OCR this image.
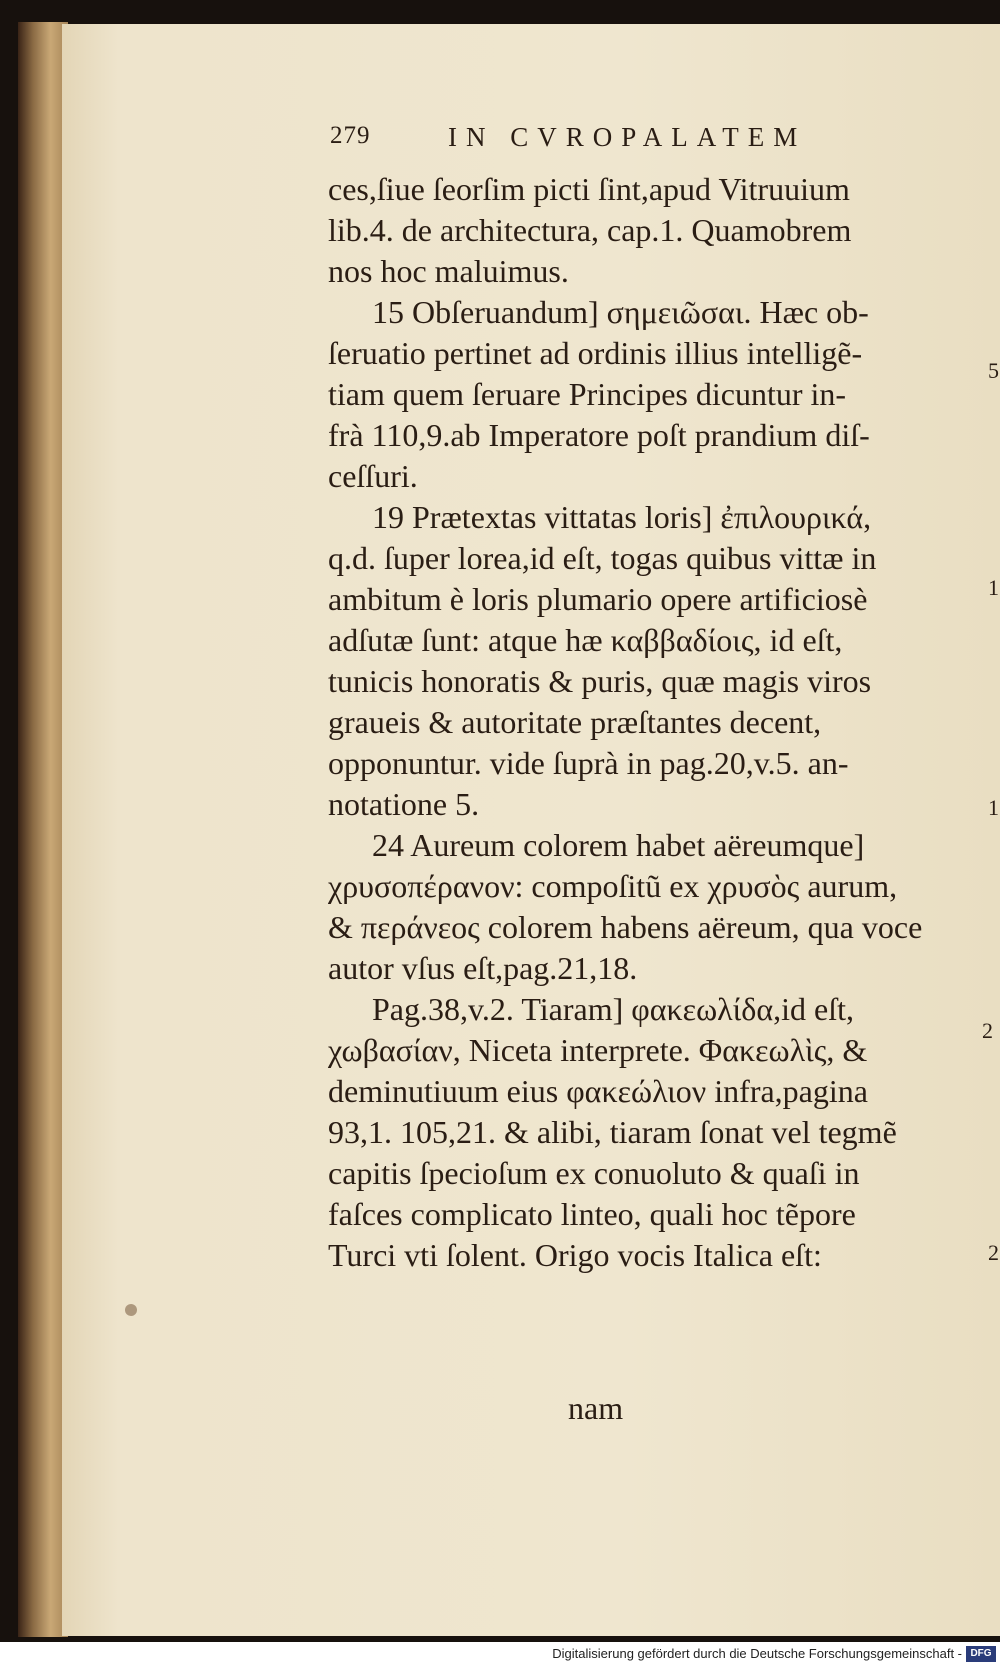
279	IN CVROPALATEM
ces,ſiue ſeorſim picti ſint,apud Vitruuium
lib.4. de architectura, cap.1. Quamobrem
nos hoc maluimus.
15 Obſeruandum] σημειῶσαι. Hæc ob-
ſeruatio pertinet ad ordinis illius intelligẽ-
tiam quem ſeruare Principes dicuntur in-
frà 110,9.ab Imperatore poſt prandium diſ-
ceſſuri.
19 Prætextas vittatas loris] ἐπιλουρικά,
q.d. ſuper lorea,id eſt, togas quibus vittæ in
ambitum è loris plumario opere artificiosè
adſutæ ſunt: atque hæ καββαδίοις, id eſt,
tunicis honoratis & puris, quæ magis viros
graueis & autoritate præſtantes decent,
opponuntur. vide ſuprà in pag.20,v.5. an-
notatione 5.
24 Aureum colorem habet aëreumque]
χρυσοπέρανον: compoſitũ ex χρυσὸς aurum,
& περάνεος colorem habens aëreum, qua voce
autor vſus eſt,pag.21,18.
Pag.38,v.2. Tiaram] φακεωλίδα,id eſt,
χωβασίαν, Niceta interprete. Φακεωλὶς, &
deminutiuum eius φακεώλιον infra,pagina
93,1. 105,21. & alibi, tiaram ſonat vel tegmẽ
capitis ſpecioſum ex conuoluto & quaſi in
faſces complicato linteo, quali hoc tẽpore
Turci vti ſolent. Origo vocis Italica eſt:
nam
5
1
1
2
2
Digitalisierung gefördert durch die Deutsche Forschungsgemeinschaft - DFG
